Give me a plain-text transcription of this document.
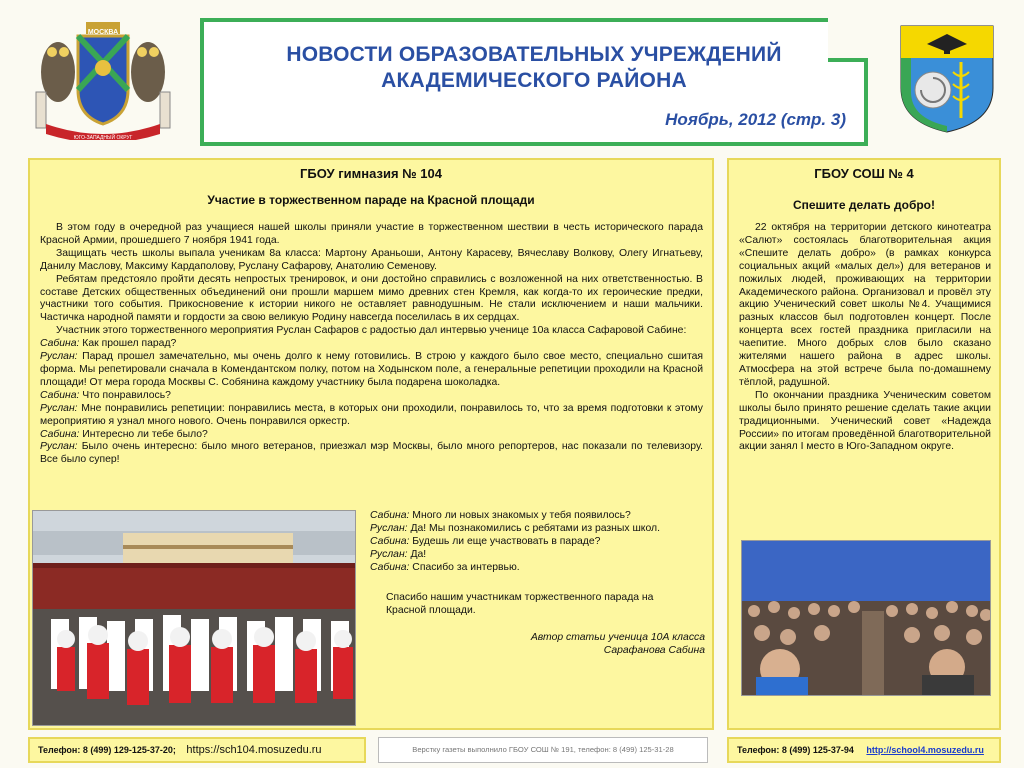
МОСКВА
ЮГО-ЗАПАДНЫЙ ОКРУГ
НОВОСТИ ОБРАЗОВАТЕЛЬНЫХ УЧРЕЖДЕНИЙ
АКАДЕМИЧЕСКОГО РАЙОНА
Ноябрь, 2012 (стр. 3)
ГБОУ гимназия № 104
Участие в торжественном параде на Красной площади

В этом году в очередной раз учащиеся нашей школы приняли участие в торжественном шествии в честь исторического парада Красной Армии, прошедшего 7 ноября 1941 года.

Защищать честь школы выпала ученикам 8а класса: Мартону Араньоши, Антону Карасеву, Вячеславу Волкову, Олегу Игнатьеву, Данилу Маслову, Максиму Кардаполову, Руслану Сафарову, Анатолию Семенову.

Ребятам предстояло пройти десять непростых тренировок, и они достойно справились с возложенной на них ответственностью. В составе Детских общественных объединений они прошли маршем мимо древних стен Кремля, как когда-то их героические предки, участники того события. Прикосновение к истории никого не оставляет равнодушным. Не стали исключением и наши мальчики. Частичка народной памяти и гордости за свою великую Родину навсегда поселилась в их сердцах.

Участник этого торжественного мероприятия Руслан Сафаров с радостью дал интервью ученице 10а класса Сафаровой Сабине:

Сабина: Как прошел парад?

Руслан: Парад прошел замечательно, мы очень долго к нему готовились. В строю у каждого было свое место, специально сшитая форма. Мы репетировали сначала в Комендантском полку, потом на Ходынском поле, а генеральные репетиции проходили на Красной площади! От мера города Москвы С. Собянина каждому участнику была подарена шоколадка.

Сабина: Что понравилось?

Руслан: Мне понравились репетиции: понравились места, в которых они проходили, понравилось то, что за время подготовки к этому мероприятию я узнал много нового. Очень понравился оркестр.

Сабина: Интересно ли тебе было?

Руслан: Было очень интересно: было много ветеранов, приезжал мэр Москвы, было много репортеров, нас показали по телевизору. Все было супер!

Сабина: Много ли новых знакомых у тебя появилось?

Руслан: Да! Мы познакомились с ребятами из разных школ.

Сабина: Будешь ли еще участвовать в параде?

Руслан: Да!

Сабина: Спасибо за интервью.

Спасибо нашим участникам торжественного парада на Красной площади.
Автор статьи ученица 10А класса
Сарафанова Сабина
ГБОУ СОШ № 4
Спешите делать добро!

22 октября на территории детского кинотеатра «Салют» состоялась благотворительная акция «Спешите делать добро» (в рамках конкурса социальных акций «малых дел») для ветеранов и пожилых людей, проживающих на территории Академического района. Организовал и провёл эту акцию Ученический совет школы №4. Учащимися разных классов был подготовлен концерт. После концерта всех гостей праздника пригласили на чаепитие. Много добрых слов было сказано жителями нашего района в адрес школы. Атмосфера на этой встрече была по-домашнему тёплой, радушной.

По окончании праздника Ученическим советом школы было принято решение сделать такие акции традиционными. Ученический совет «Надежда России» по итогам проведённой благотворительной акции занял I место в Юго-Западном округе.

Телефон: 8 (499) 129-125-37-20; https://sch104.mosuzedu.ru	Верстку газеты выполнило ГБОУ СОШ № 191, телефон: 8 (499) 125-31-28	Телефон: 8 (499) 125-37-94 http://school4.mosuzedu.ru
